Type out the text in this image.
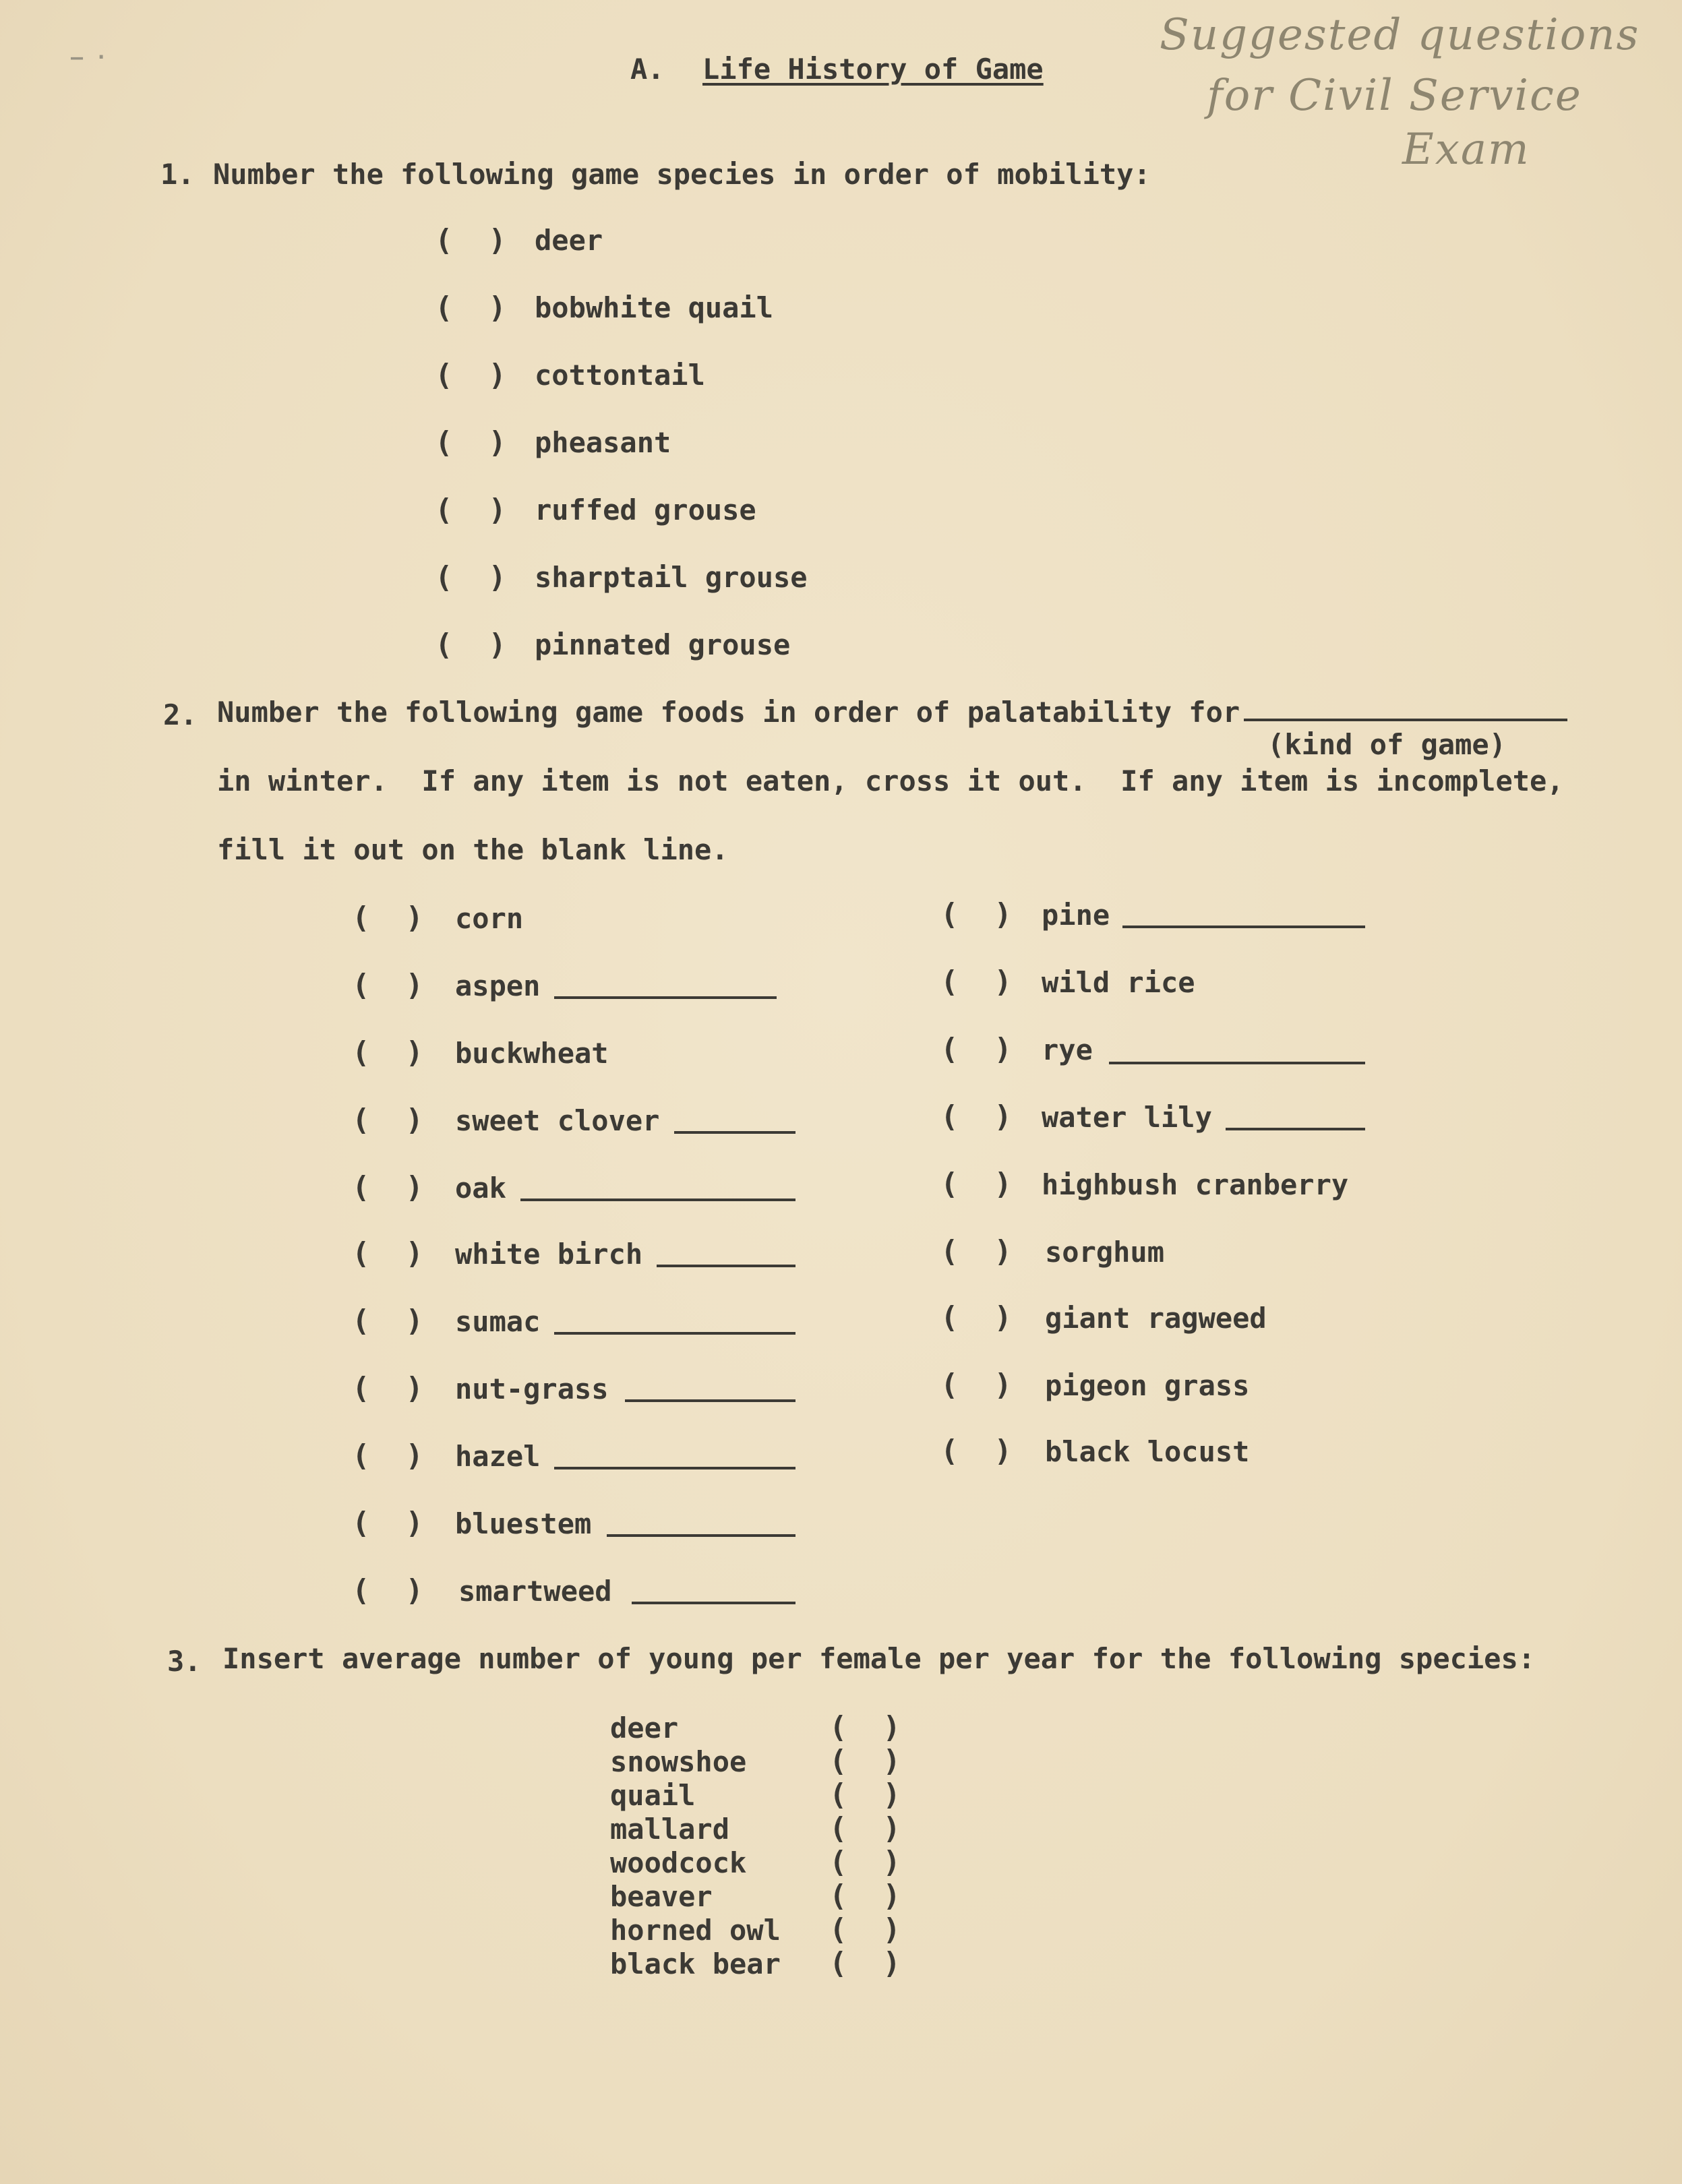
A. Life History of Game
Suggested questions
for Civil Service
Exam
— ·
1. Number the following game species in order of mobility:
(  ) deer
(  ) bobwhite quail
(  ) cottontail
(  ) pheasant
(  ) ruffed grouse
(  ) sharptail grouse
(  ) pinnated grouse
2. Number the following game foods in order of palatability for
(kind of game)
in winter.  If any item is not eaten, cross it out.  If any item is incomplete,
fill it out on the blank line.
(  ) corn
(  ) aspen
(  ) buckwheat
(  ) sweet clover
(  ) oak
(  ) white birch
(  ) sumac
(  ) nut-grass
(  ) hazel
(  ) bluestem
(  ) smartweed
(  ) pine
(  ) wild rice
(  ) rye
(  ) water lily
(  ) highbush cranberry
(  ) sorghum
(  ) giant ragweed
(  ) pigeon grass
(  ) black locust
3. Insert average number of young per female per year for the following species:
deer	(  )
snowshoe	(  )
quail	(  )
mallard	(  )
woodcock	(  )
beaver	(  )
horned owl (  )
black bear (  )
